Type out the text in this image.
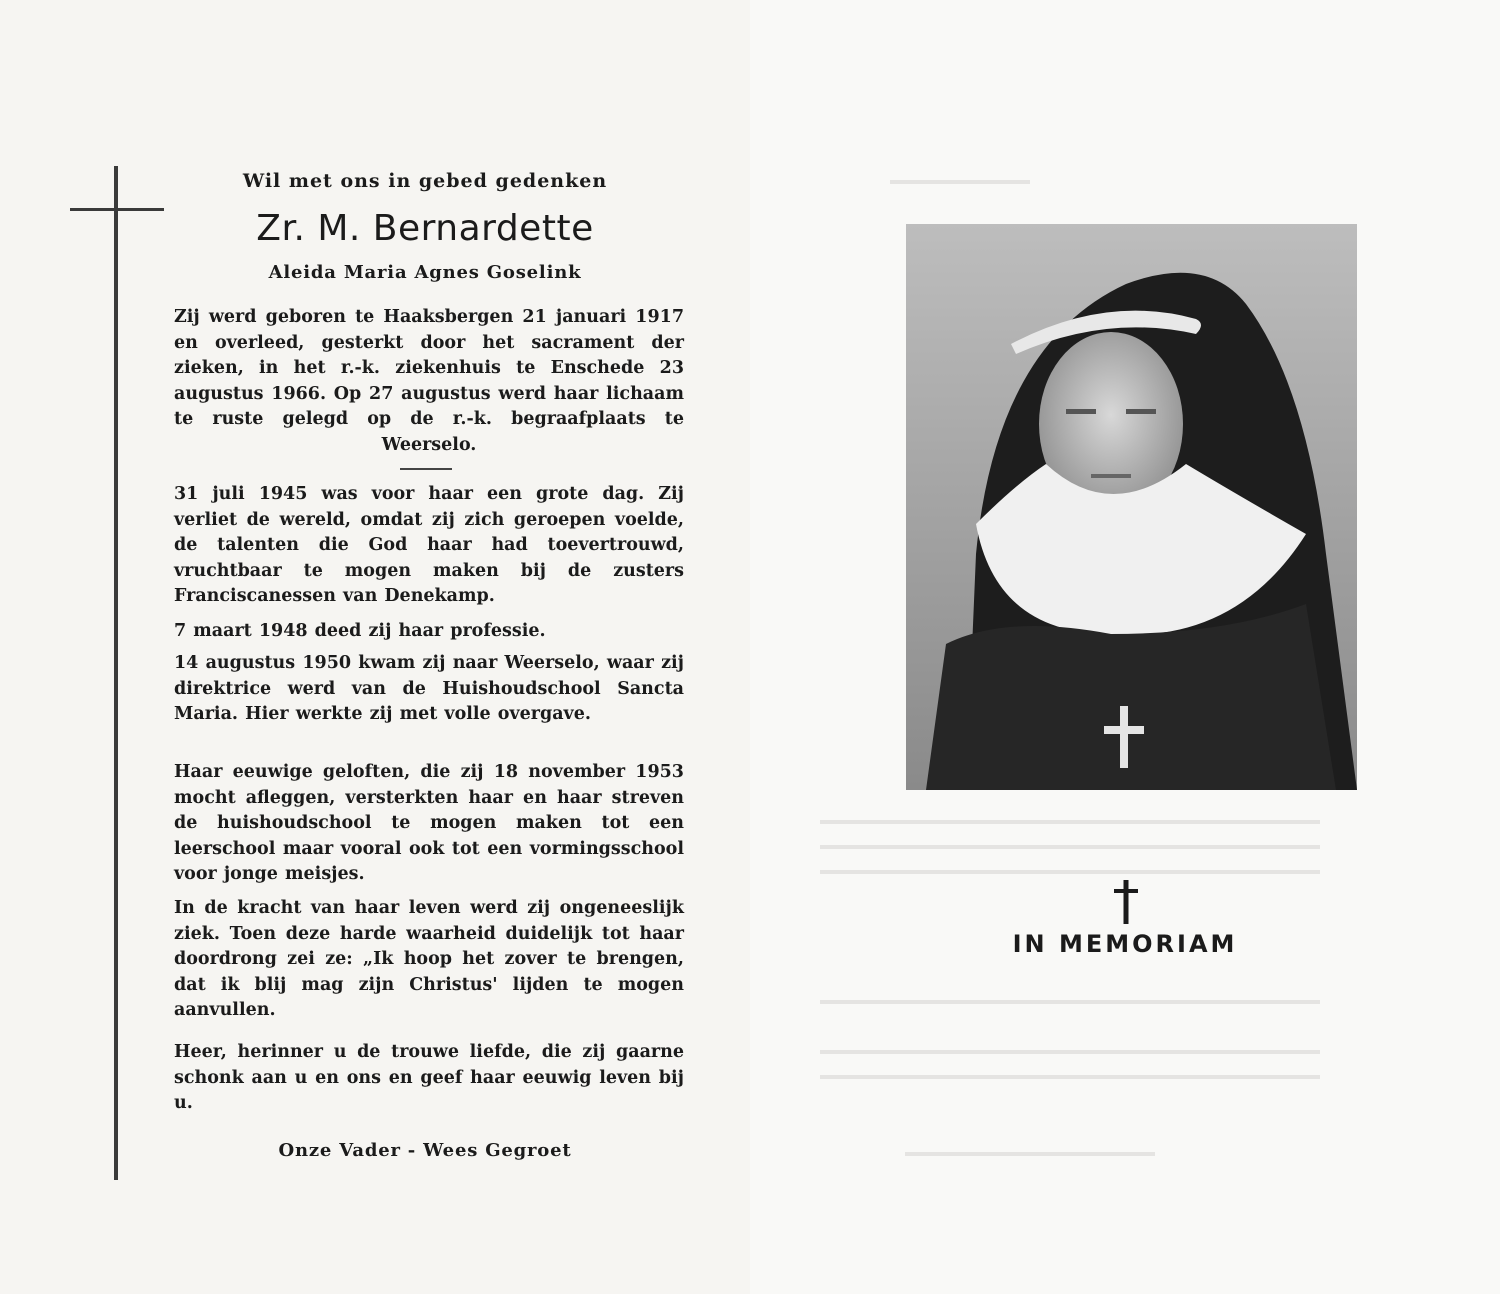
Wil met ons in gebed gedenken
Zr. M. Bernardette
Aleida Maria Agnes Goselink
Zij werd geboren te Haaksbergen 21 januari 1917 en overleed, gesterkt door het sacrament der zieken, in het r.-k. ziekenhuis te Enschede 23 augustus 1966. Op 27 augustus werd haar lichaam te ruste gelegd op de r.-k. begraafplaats te Weerselo.
31 juli 1945 was voor haar een grote dag. Zij verliet de wereld, omdat zij zich geroepen voelde, de talenten die God haar had toevertrouwd, vruchtbaar te mogen maken bij de zusters Franciscanessen van Denekamp.
7 maart 1948 deed zij haar professie.
14 augustus 1950 kwam zij naar Weerselo, waar zij direktrice werd van de Huishoudschool Sancta Maria. Hier werkte zij met volle overgave.
Haar eeuwige geloften, die zij 18 november 1953 mocht afleggen, versterkten haar en haar streven de huishoudschool te mogen maken tot een leerschool maar vooral ook tot een vormingsschool voor jonge meisjes.
In de kracht van haar leven werd zij ongeneeslijk ziek. Toen deze harde waarheid duidelijk tot haar doordrong zei ze: „Ik hoop het zover te brengen, dat ik blij mag zijn Christus' lijden te mogen aanvullen.
Heer, herinner u de trouwe liefde, die zij gaarne schonk aan u en ons en geef haar eeuwig leven bij u.
Onze Vader - Wees Gegroet
IN MEMORIAM
